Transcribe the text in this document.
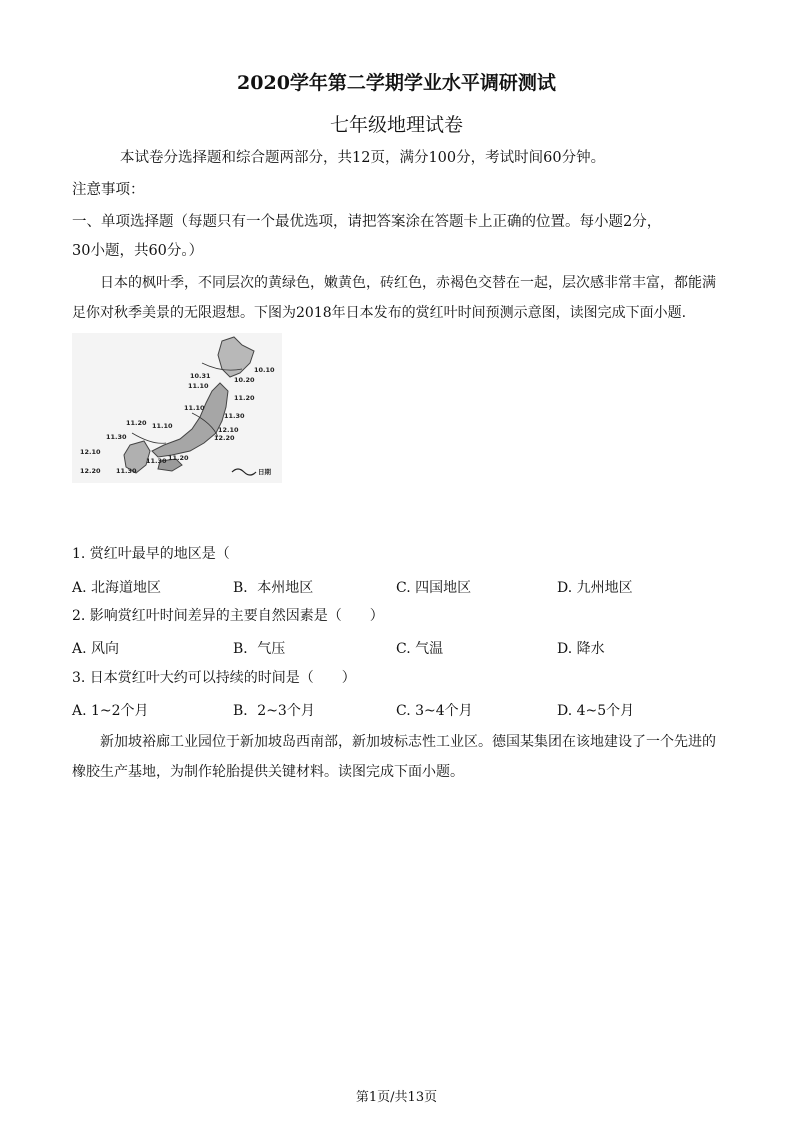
2020学年第二学期学业水平调研测试
七年级地理试卷
本试卷分选择题和综合题两部分，共12页，满分100分，考试时间60分钟。
注意事项：
一、单项选择题（每题只有一个最优选项，请把答案涂在答题卡上正确的位置。每小题2分，
30小题，共60分。）
日本的枫叶季，不同层次的黄绿色，嫩黄色，砖红色，赤褐色交替在一起，层次感非常丰富，都能满
足你对秋季美景的无限遐想。下图为2018年日本发布的赏红叶时间预测示意图，读图完成下面小题.
10.10
10.31	10.20
11.10
11.20
11.10
11.30
11.20
12.10
11.10
12.20
11.30
11.20
12.10
11.30
12.20 11.30	日期
1. 赏红叶最早的地区是（
A. 北海道地区	B．本州地区	C. 四国地区	D. 九州地区
2. 影响赏红叶时间差异的主要自然因素是（　　）
A. 风向	B．气压	C. 气温	D. 降水
3. 日本赏红叶大约可以持续的时间是（　　）
A. 1~2个月	B．2~3个月	C. 3~4个月	D. 4~5个月
新加坡裕廊工业园位于新加坡岛西南部，新加坡标志性工业区。德国某集团在该地建设了一个先进的
橡胶生产基地，为制作轮胎提供关键材料。读图完成下面小题。
第1页/共13页
